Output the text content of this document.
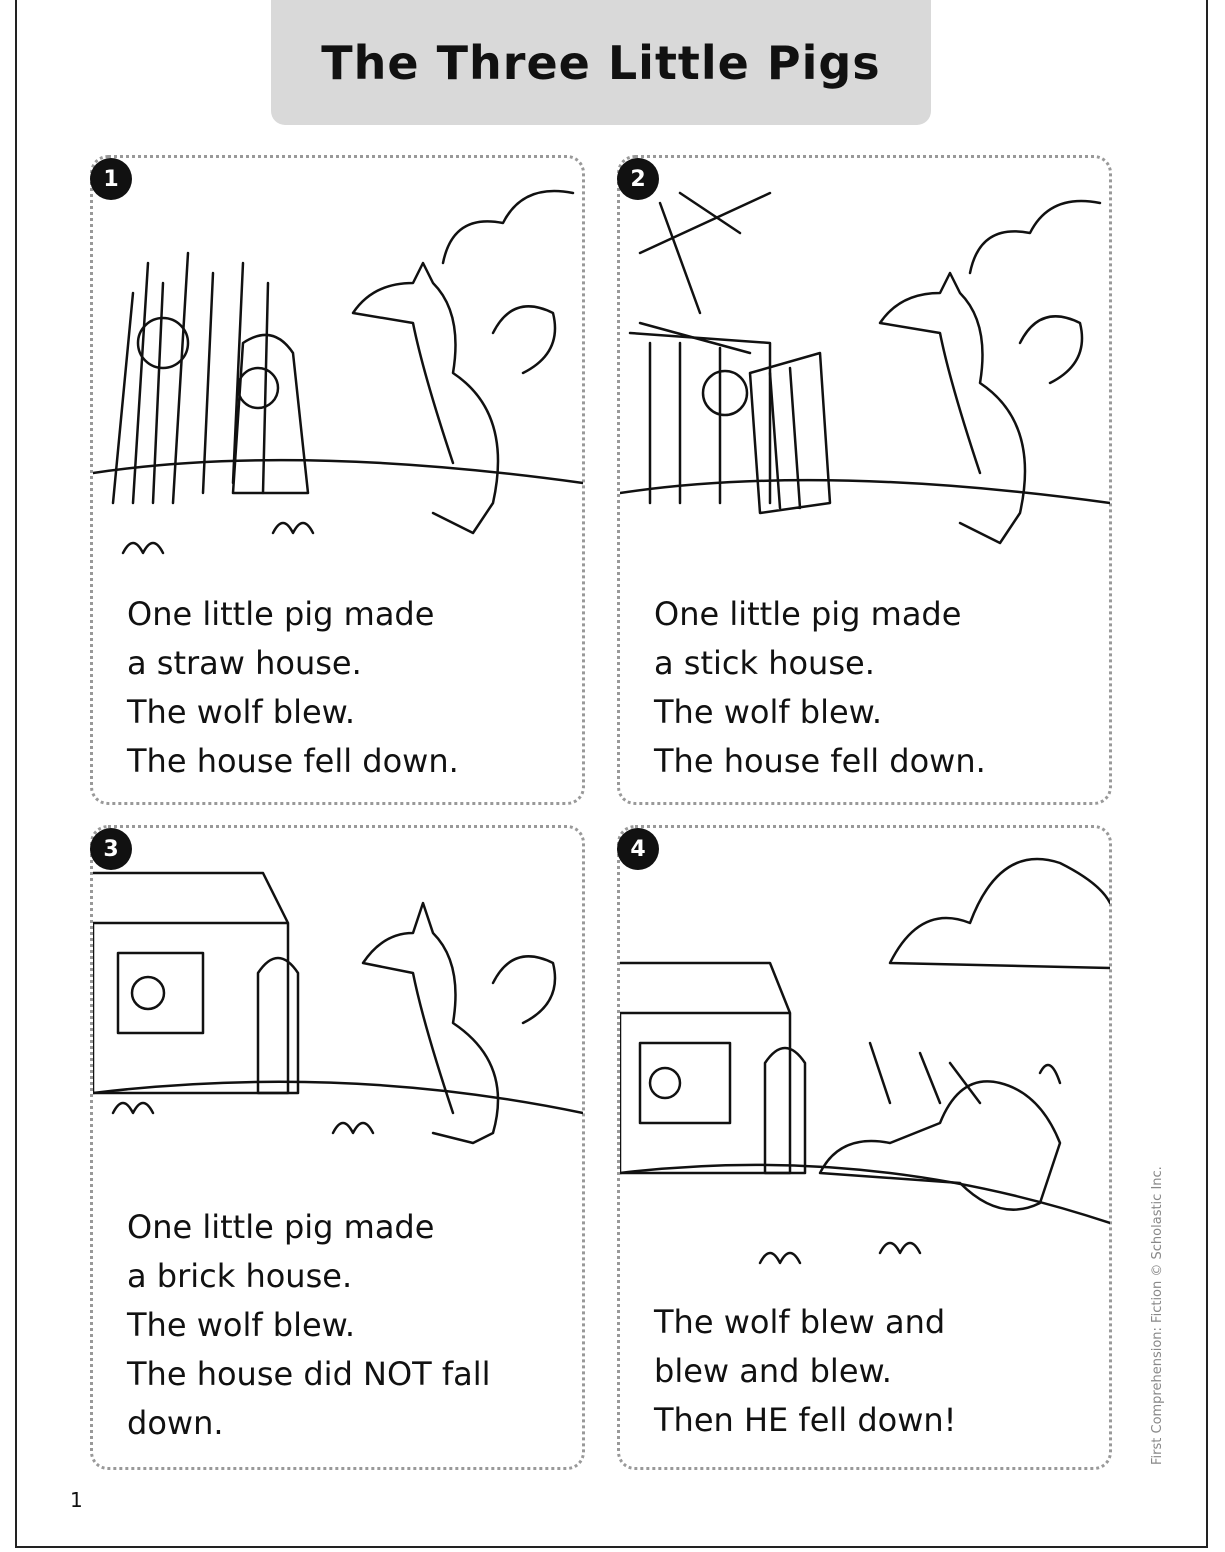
The Three Little Pigs
1
One little pig made
a straw house.
The wolf blew.
The house fell down.
2
One little pig made
a stick house.
The wolf blew.
The house fell down.
3
One little pig made
a brick house.
The wolf blew.
The house did NOT fall
down.
4
The wolf blew and
blew and blew.
Then HE fell down!
1
First Comprehension: Fiction © Scholastic Inc.
